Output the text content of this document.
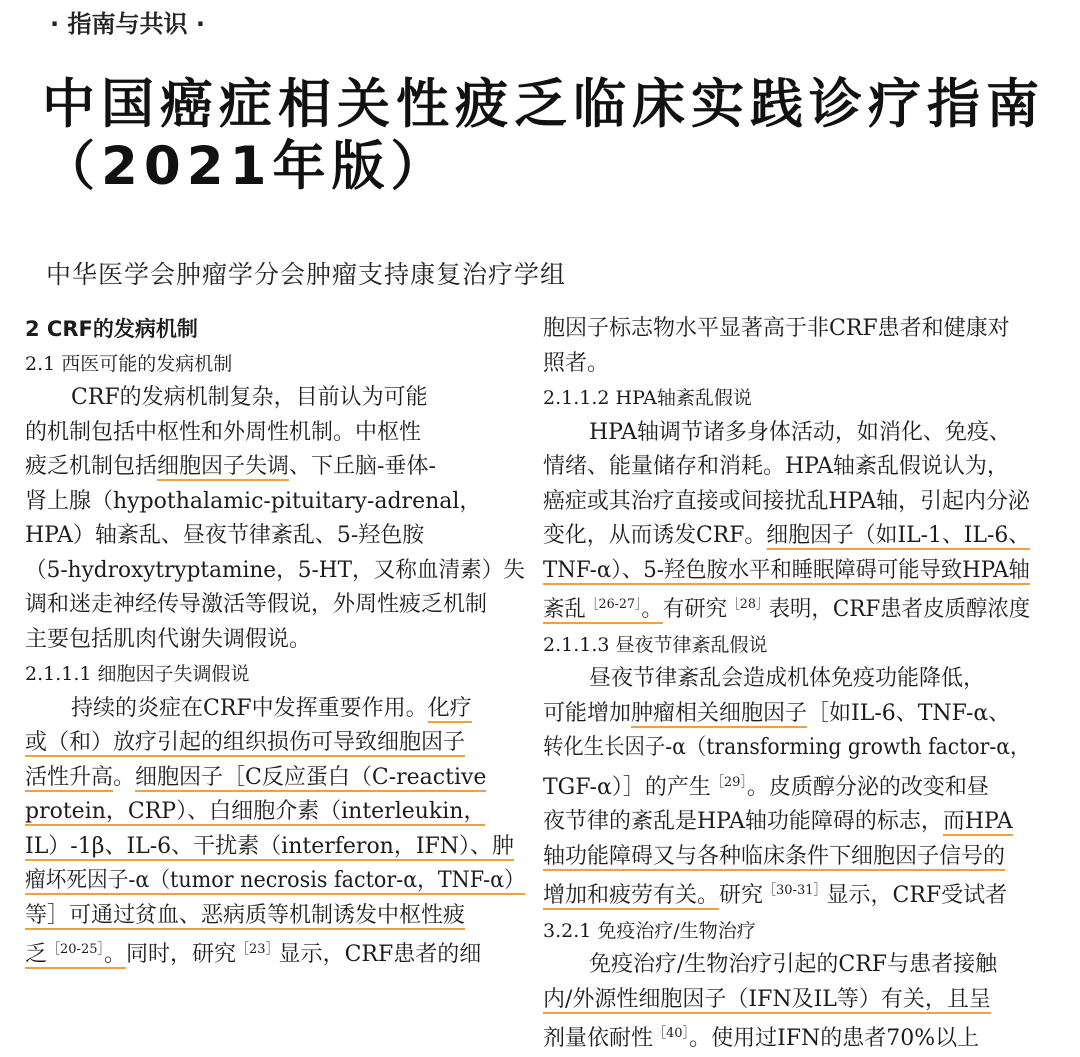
· 指南与共识 ·
中国癌症相关性疲乏临床实践诊疗指南
（2021年版）
中华医学会肿瘤学分会肿瘤支持康复治疗学组
2 CRF的发病机制
2.1 西医可能的发病机制
CRF的发病机制复杂，目前认为可能
的机制包括中枢性和外周性机制。中枢性
疲乏机制包括细胞因子失调、下丘脑-垂体-
肾上腺（hypothalamic-pituitary-adrenal，
HPA）轴紊乱、昼夜节律紊乱、5-羟色胺
（5-hydroxytryptamine，5-HT，又称血清素）失
调和迷走神经传导激活等假说，外周性疲乏机制
主要包括肌肉代谢失调假说。
2.1.1.1 细胞因子失调假说
持续的炎症在CRF中发挥重要作用。化疗
或（和）放疗引起的组织损伤可导致细胞因子
活性升高。细胞因子［C反应蛋白（C-reactive
protein，CRP）、白细胞介素（interleukin，
IL）-1β、IL-6、干扰素（interferon，IFN）、肿
瘤坏死因子-α（tumor necrosis factor-α，TNF-α）
等］可通过贫血、恶病质等机制诱发中枢性疲
乏$^{[20-25]}$。同时，研究$^{[23]}$显示，CRF患者的细
胞因子标志物水平显著高于非CRF患者和健康对
照者。
2.1.1.2 HPA轴紊乱假说
HPA轴调节诸多身体活动，如消化、免疫、
情绪、能量储存和消耗。HPA轴紊乱假说认为，
癌症或其治疗直接或间接扰乱HPA轴，引起内分泌
变化，从而诱发CRF。细胞因子（如IL-1、IL-6、
TNF-α）、5-羟色胺水平和睡眠障碍可能导致HPA轴
紊乱$^{[26-27]}$。有研究$^{[28]}$表明，CRF患者皮质醇浓度
2.1.1.3 昼夜节律紊乱假说
昼夜节律紊乱会造成机体免疫功能降低，
可能增加肿瘤相关细胞因子［如IL-6、TNF-α、
转化生长因子-α（transforming growth factor-α，
TGF-α）］的产生$^{[29]}$。皮质醇分泌的改变和昼
夜节律的紊乱是HPA轴功能障碍的标志，而HPA
轴功能障碍又与各种临床条件下细胞因子信号的
增加和疲劳有关。研究$^{[30-31]}$显示，CRF受试者
3.2.1 免疫治疗/生物治疗
免疫治疗/生物治疗引起的CRF与患者接触
内/外源性细胞因子（IFN及IL等）有关，且呈
剂量依耐性$^{[40]}$。使用过IFN的患者70%以上
